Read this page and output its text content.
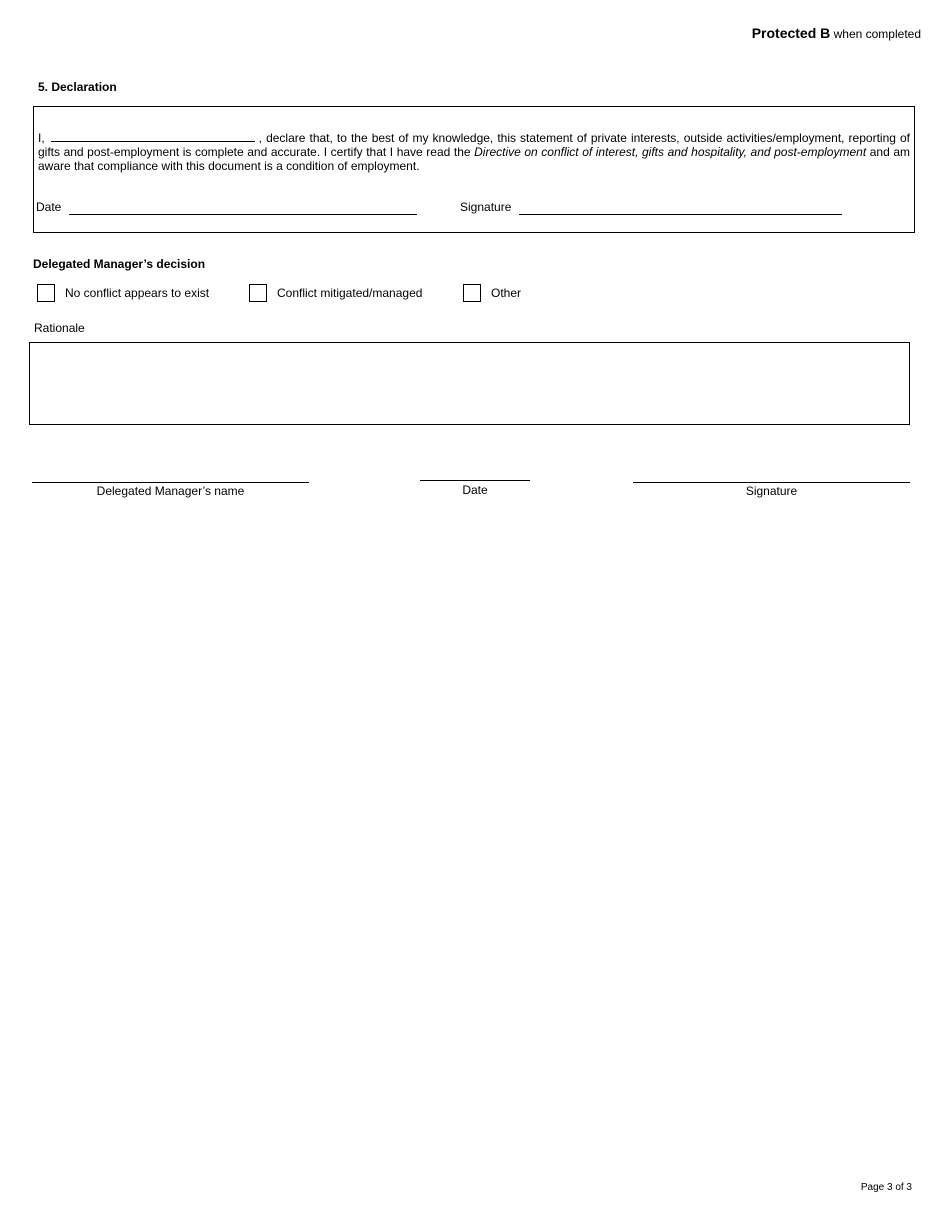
Protected B when completed
5. Declaration
I,	, declare that, to the best of my knowledge, this statement of private interests, outside activities/employment, reporting of gifts and post-employment is complete and accurate. I certify that I have read the Directive on conflict of interest, gifts and hospitality, and post-employment and am aware that compliance with this document is a condition of employment.
Date	Signature
Delegated Manager’s decision
No conflict appears to exist	Conflict mitigated/managed	Other
Rationale
Delegated Manager’s name	Date	Signature
Page 3 of 3
